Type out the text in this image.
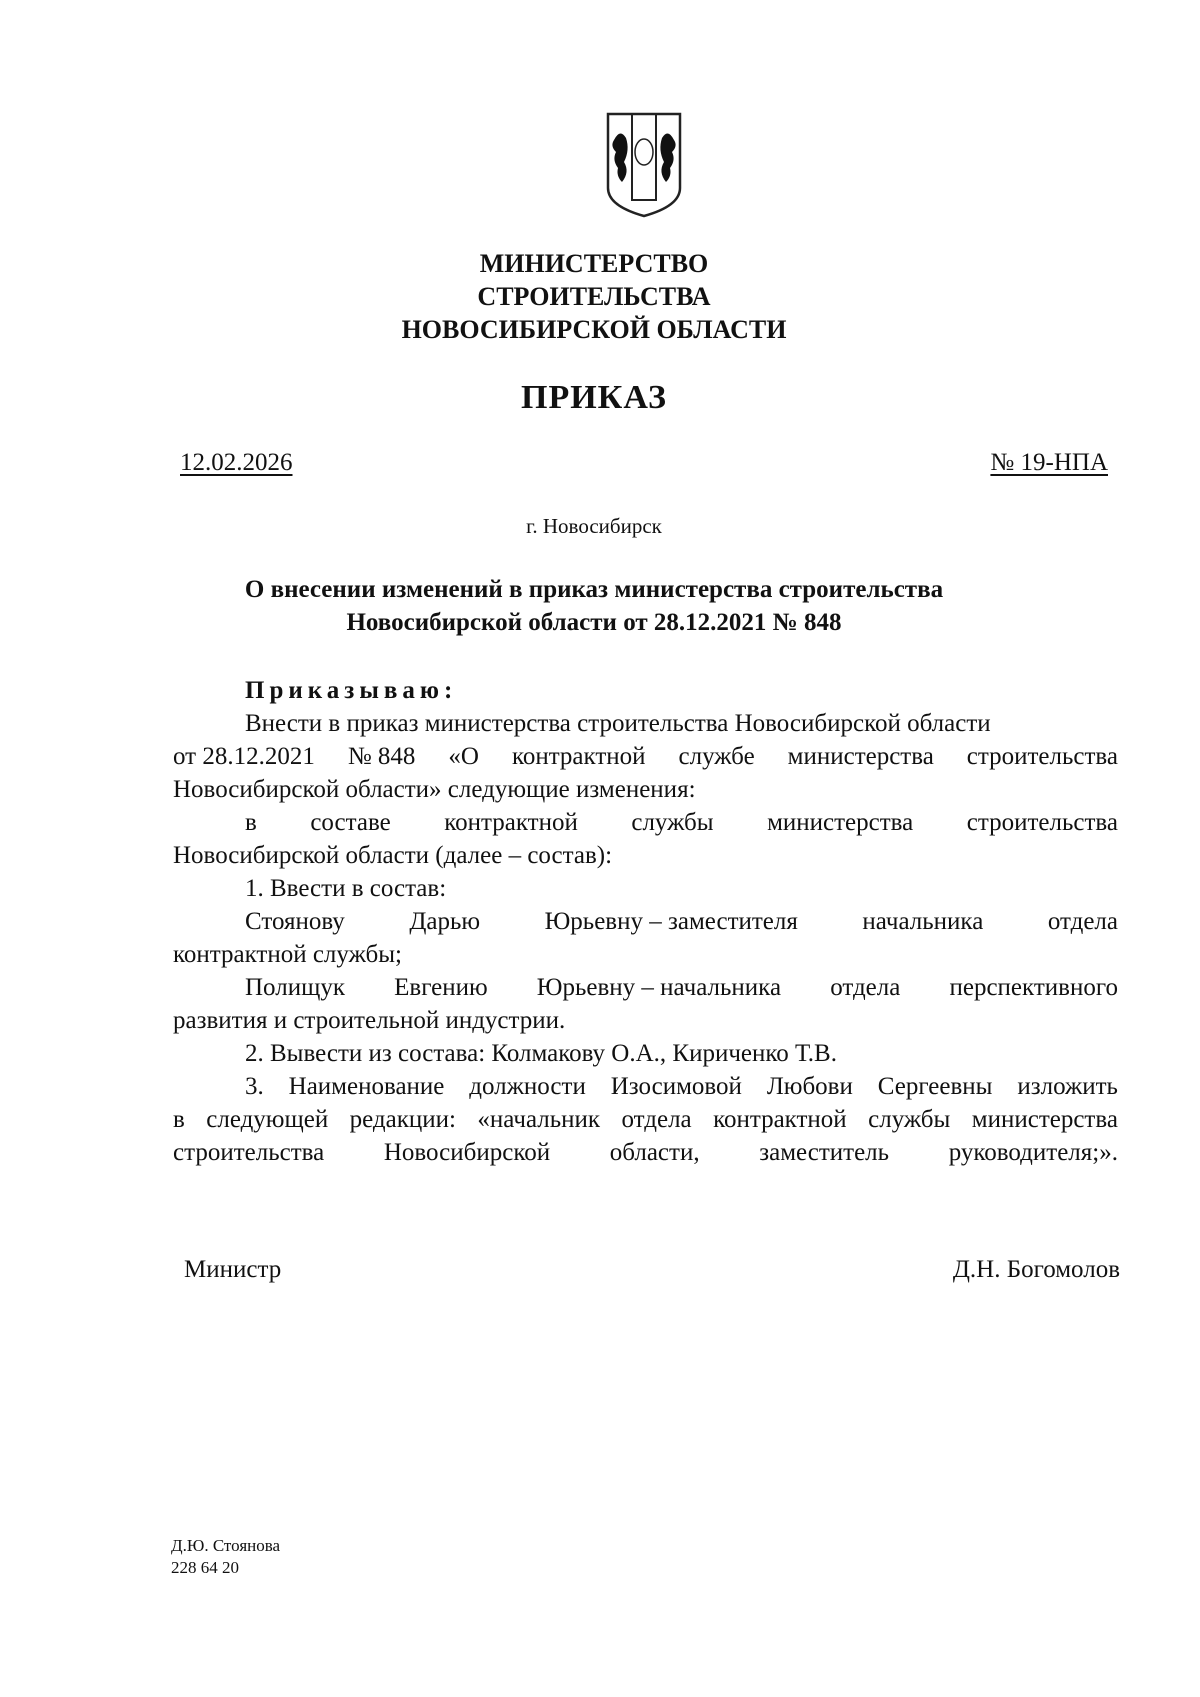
МИНИСТЕРСТВО
СТРОИТЕЛЬСТВА
НОВОСИБИРСКОЙ ОБЛАСТИ
ПРИКАЗ
12.02.2026	№ 19-НПА
г. Новосибирск
О внесении изменений в приказ министерства строительства
Новосибирской области от 28.12.2021 № 848
Приказываю:
Внести в приказ министерства строительства Новосибирской области
от 28.12.2021 № 848 «О контрактной службе министерства строительства
Новосибирской области» следующие изменения:
в составе контрактной службы министерства строительства
Новосибирской области (далее – состав):
1. Ввести в состав:
Стоянову	Дарью	Юрьевну – заместителя	начальника	отдела
контрактной службы;
Полищук Евгению Юрьевну – начальника отдела перспективного
развития и строительной индустрии.
2. Вывести из состава: Колмакову О.А., Кириченко Т.В.
3. Наименование должности Изосимовой Любови Сергеевны изложить
в следующей редакции: «начальник отдела контрактной службы министерства
строительства Новосибирской области, заместитель руководителя;».
Министр	Д.Н. Богомолов
Д.Ю. Стоянова
228 64 20
